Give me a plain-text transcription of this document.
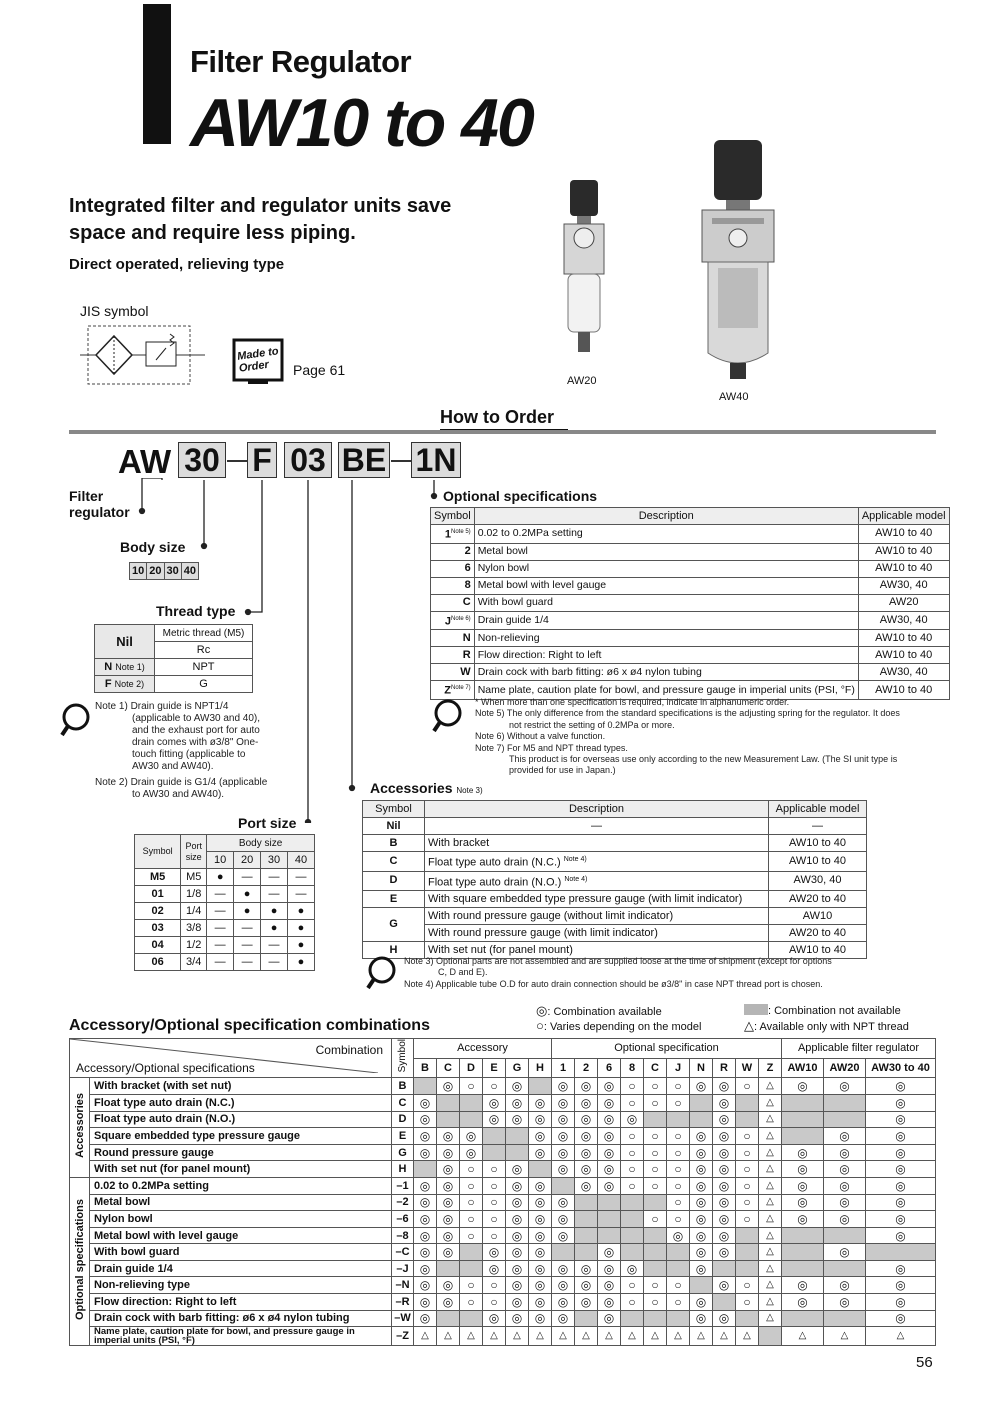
Filter Regulator
AW10 to 40
Integrated filter and regulator units save
space and require less piping.
Direct operated, relieving type
JIS symbol
Made to
Order	Page 61
AW20
AW40
How to Order
AW 30 F 03 BE 1N
Filter regulator
Body size
10	20	30	40
Thread type
Nil	Metric thread (M5)
	Rc
N Note 1)	NPT
F Note 2)	G
Note 1) Drain guide is NPT1/4
(applicable to AW30 and 40),
and the exhaust port for auto
drain comes with ø3/8" One-
touch fitting (applicable to
AW30 and AW40).
Note 2) Drain guide is G1/4 (applicable
to AW30 and AW40).
Port size
Symbol	Port size	Body size			
		10	20	30	40
M5	M5	●	—	—	—
01	1/8	—	●	—	—
02	1/4	—	●	●	●
03	3/8	—	—	●	●
04	1/2	—	—	—	●
06	3/4	—	—	—	●
Optional specifications
Symbol	Description	Applicable model
$1^{Note 5)}$	0.02 to 0.2MPa setting	AW10 to 40
2	Metal bowl	AW10 to 40
6	Nylon bowl	AW10 to 40
8	Metal bowl with level gauge	AW30, 40
C	With bowl guard	AW20
$J^{Note 6)}$	Drain guide 1/4	AW30, 40
N	Non-relieving	AW10 to 40
R	Flow direction: Right to left	AW10 to 40
W	Drain cock with barb fitting: ø6 x ø4 nylon tubing	AW30, 40
$Z^{Note 7)}$	Name plate, caution plate for bowl, and pressure gauge in imperial units (PSI, °F)	AW10 to 40
* When more than one specification is required, indicate in alphanumeric order.
Note 5) The only difference from the standard specifications is the adjusting spring for the regulator. It does
not restrict the setting of 0.2MPa or more.
Note 6) Without a valve function.
Note 7) For M5 and NPT thread types.
This product is for overseas use only according to the new Measurement Law. (The SI unit type is
provided for use in Japan.)
Accessories Note 3)
Symbol	Description	Applicable model
Nil	—	—
B	With bracket	AW10 to 40
C	Float type auto drain (N.C.) $^{Note 4)}$	AW10 to 40
D	Float type auto drain (N.O.) $^{Note 4)}$	AW30, 40
E	With square embedded type pressure gauge (with limit indicator)	AW20 to 40
G	With round pressure gauge (without limit indicator)	AW10
	With round pressure gauge (with limit indicator)	AW20 to 40
H	With set nut (for panel mount)	AW10 to 40
Note 3) Optional parts are not assembled and are supplied loose at the time of shipment (except for options
C, D and E).
Note 4) Applicable tube O.D for auto drain connection should be ø3/8" in case NPT thread port is chosen.
Accessory/Optional specification combinations
◎: Combination available
○: Varies depending on the model
: Combination not available
△: Available only with NPT thread
Combination
Accessory/Optional specifications		Symbol	Accessory						Optional specification										Applicable filter regulator		
			B	C	D	E	G	H	1	2	6	8	C	J	N	R	W	Z	AW10	AW20	AW30 to 40
Accessories	With bracket (with set nut)	B		◎	○	○	◎		◎	◎	◎	○	○	○	◎	◎	○	△	◎	◎	◎
	Float type auto drain (N.C.)	C	◎			◎	◎	◎	◎	◎	◎	○	○	○		◎		△			◎
	Float type auto drain (N.O.)	D	◎			◎	◎	◎	◎	◎	◎	◎				◎		△			◎
	Square embedded type pressure gauge	E	◎	◎	◎			◎	◎	◎	◎	○	○	○	◎	◎	○	△		◎	◎
	Round pressure gauge	G	◎	◎	◎			◎	◎	◎	◎	○	○	○	◎	◎	○	△	◎	◎	◎
	With set nut (for panel mount)	H		◎	○	○	◎		◎	◎	◎	○	○	○	◎	◎	○	△	◎	◎	◎
Optional specifications	0.02 to 0.2MPa setting	–1	◎	◎	○	○	◎	◎		◎	◎	○	○	○	◎	◎	○	△	◎	◎	◎
	Metal bowl	–2	◎	◎	○	○	◎	◎	◎					○	◎	◎	○	△	◎	◎	◎
	Nylon bowl	–6	◎	◎	○	○	◎	◎	◎				○	○	◎	◎	○	△	◎	◎	◎
	Metal bowl with level gauge	–8	◎	◎	○	○	◎	◎	◎					◎	◎	◎		△			◎
	With bowl guard	–C	◎	◎		◎	◎	◎			◎				◎	◎		△		◎	
	Drain guide 1/4	–J	◎			◎	◎	◎	◎	◎	◎	◎			◎			△			◎
	Non-relieving type	–N	◎	◎	○	○	◎	◎	◎	◎	◎	○	○	○		◎	○	△	◎	◎	◎
	Flow direction: Right to left	–R	◎	◎	○	○	◎	◎	◎	◎	◎	○	○	○	◎		○	△	◎	◎	◎
	Drain cock with barb fitting: ø6 x ø4 nylon tubing	–W	◎			◎	◎	◎	◎		◎				◎	◎		△			◎
	Name plate, caution plate for bowl, and pressure gauge in imperial units (PSI, °F)	–Z	△	△	△	△	△	△	△	△	△	△	△	△	△	△	△		△	△	△
56
